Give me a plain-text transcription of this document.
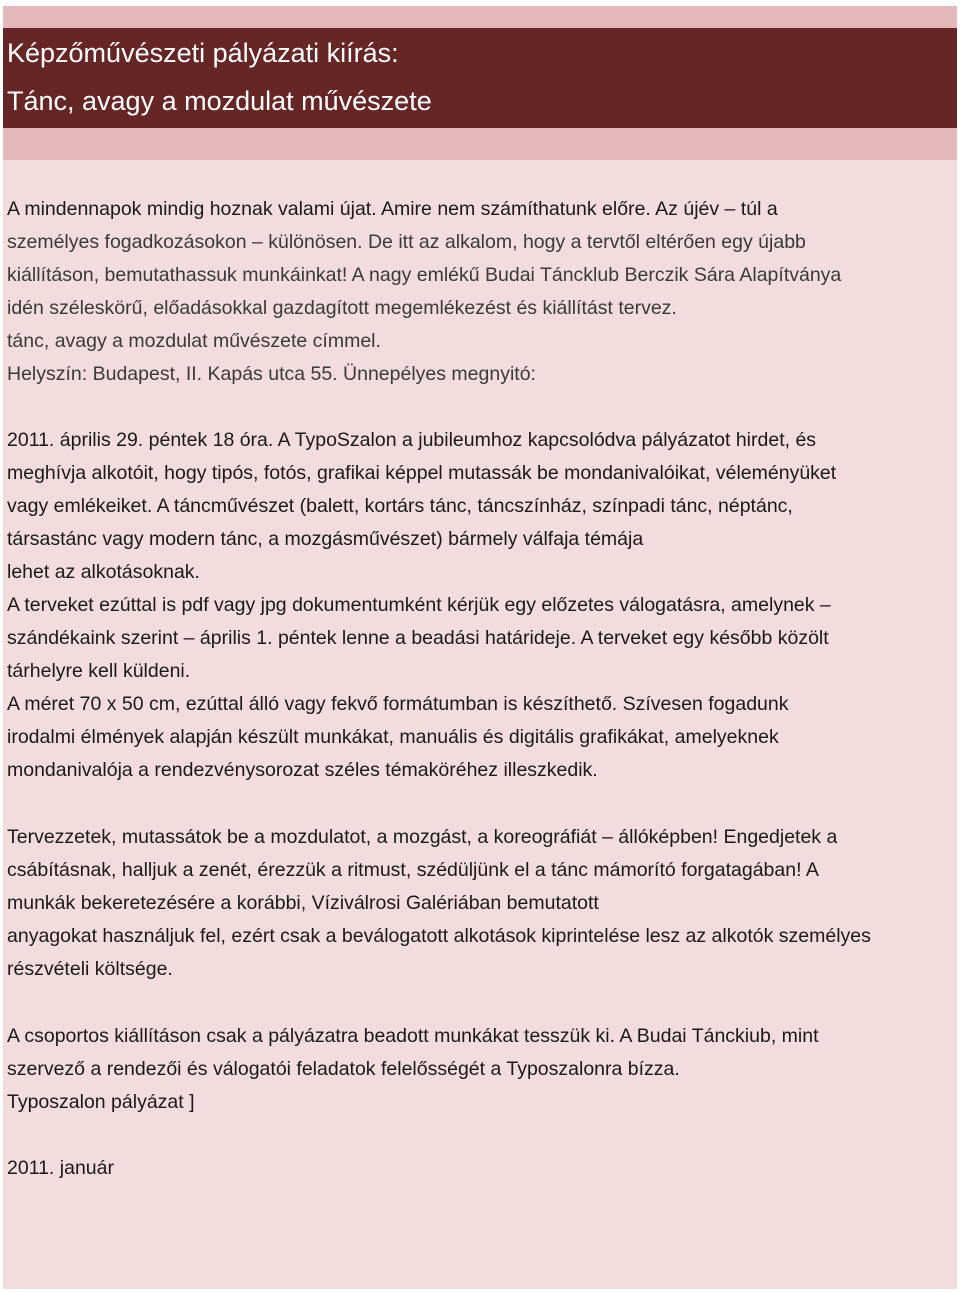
Képzőművészeti pályázati kiírás:
Tánc, avagy a mozdulat művészete
A mindennapok mindig hoznak valami újat. Amire nem számíthatunk előre. Az újév – túl a
személyes fogadkozásokon – különösen. De itt az alkalom, hogy a tervtől eltérően egy újabb
kiállításon, bemutathassuk munkáinkat! A nagy emlékű Budai Táncklub Berczik Sára Alapítványa
idén széleskörű, előadásokkal gazdagított megemlékezést és kiállítást tervez.
tánc, avagy a mozdulat művészete címmel.
Helyszín: Budapest, II. Kapás utca 55. Ünnepélyes megnyitó:
2011. április 29. péntek 18 óra. A TypoSzalon a jubileumhoz kapcsolódva pályázatot hirdet, és
meghívja alkotóit, hogy tipós, fotós, grafikai képpel mutassák be mondanivalóikat, véleményüket
vagy emlékeiket. A táncművészet (balett, kortárs tánc, táncszínház, színpadi tánc, néptánc,
társastánc vagy modern tánc, a mozgásművészet) bármely válfaja témája
lehet az alkotásoknak.
A terveket ezúttal is pdf vagy jpg dokumentumként kérjük egy előzetes válogatásra, amelynek –
szándékaink szerint – április 1. péntek lenne a beadási határideje. A terveket egy később közölt
tárhelyre kell küldeni.
A méret 70 x 50 cm, ezúttal álló vagy fekvő formátumban is készíthető. Szívesen fogadunk
irodalmi élmények alapján készült munkákat, manuális és digitális grafikákat, amelyeknek
mondanivalója a rendezvénysorozat széles témaköréhez illeszkedik.
Tervezzetek, mutassátok be a mozdulatot, a mozgást, a koreográfiát – állóképben! Engedjetek a
csábításnak, halljuk a zenét, érezzük a ritmust, szédüljünk el a tánc mámorító forgatagában! A
munkák bekeretezésére a korábbi, Víziválrosi Galériában bemutatott
anyagokat használjuk fel, ezért csak a beválogatott alkotások kiprintelése lesz az alkotók személyes
részvételi költsége.
A csoportos kiállításon csak a pályázatra beadott munkákat tesszük ki. A Budai Tánckiub, mint
szervező a rendezői és válogatói feladatok felelősségét a Typoszalonra bízza.
Typoszalon pályázat ]
2011. január
